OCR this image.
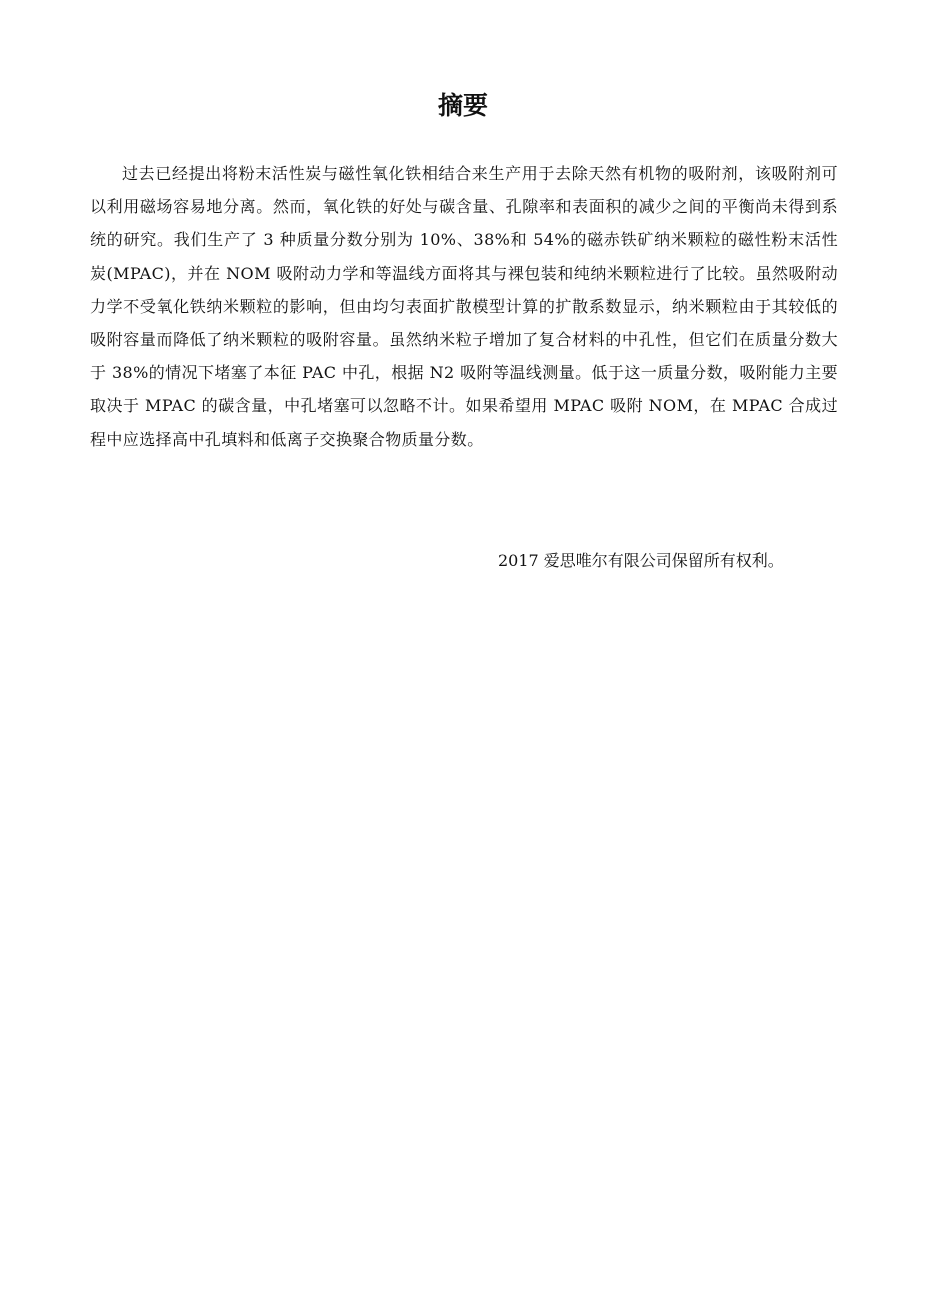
摘要

过去已经提出将粉末活性炭与磁性氧化铁相结合来生产用于去除天然有机物的吸附剂，该吸附剂可以利用磁场容易地分离。然而，氧化铁的好处与碳含量、孔隙率和表面积的减少之间的平衡尚未得到系统的研究。我们生产了 3 种质量分数分别为 10%、38%和 54%的磁赤铁矿纳米颗粒的磁性粉末活性炭(MPAC)，并在 NOM 吸附动力学和等温线方面将其与裸包装和纯纳米颗粒进行了比较。虽然吸附动力学不受氧化铁纳米颗粒的影响，但由均匀表面扩散模型计算的扩散系数显示，纳米颗粒由于其较低的吸附容量而降低了纳米颗粒的吸附容量。虽然纳米粒子增加了复合材料的中孔性，但它们在质量分数大于 38%的情况下堵塞了本征 PAC 中孔，根据 N2 吸附等温线测量。低于这一质量分数，吸附能力主要取决于 MPAC 的碳含量，中孔堵塞可以忽略不计。如果希望用 MPAC 吸附 NOM，在 MPAC 合成过程中应选择高中孔填料和低离子交换聚合物质量分数。

2017 爱思唯尔有限公司保留所有权利。
